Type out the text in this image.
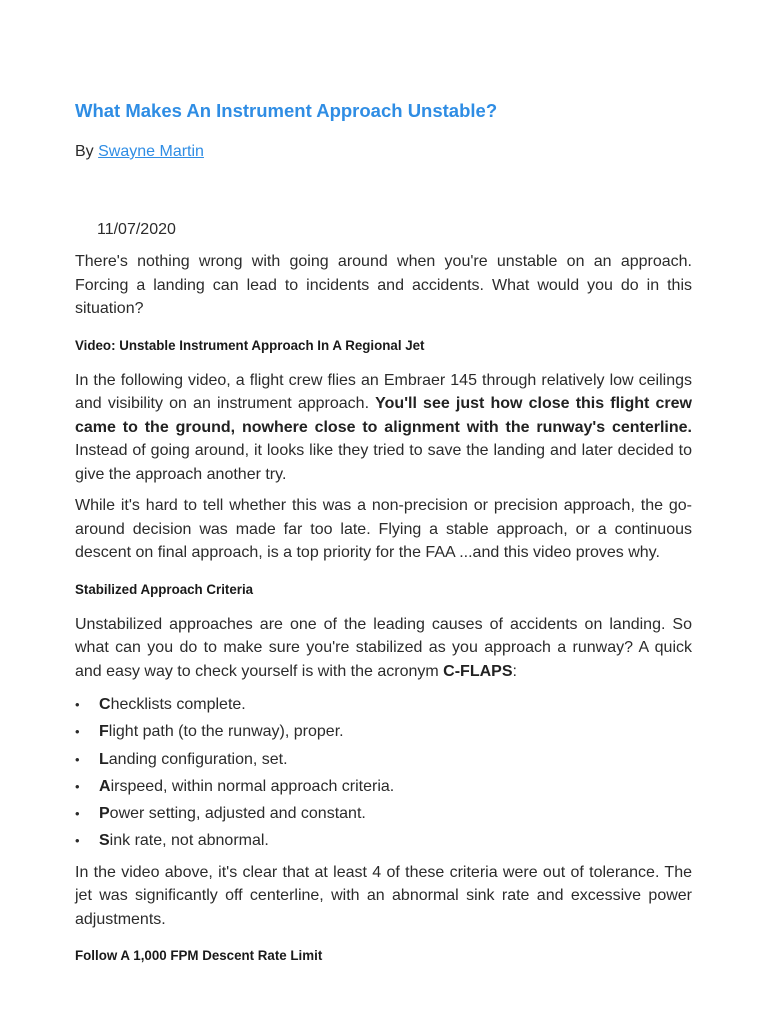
What Makes An Instrument Approach Unstable?
By Swayne Martin
11/07/2020

There's nothing wrong with going around when you're unstable on an approach. Forcing a landing can lead to incidents and accidents. What would you do in this situation?

Video: Unstable Instrument Approach In A Regional Jet

In the following video, a flight crew flies an Embraer 145 through relatively low ceilings and visibility on an instrument approach. You'll see just how close this flight crew came to the ground, nowhere close to alignment with the runway's centerline. Instead of going around, it looks like they tried to save the landing and later decided to give the approach another try.

While it's hard to tell whether this was a non-precision or precision approach, the go-around decision was made far too late. Flying a stable approach, or a continuous descent on final approach, is a top priority for the FAA ...and this video proves why.

Stabilized Approach Criteria

Unstabilized approaches are one of the leading causes of accidents on landing. So what can you do to make sure you're stabilized as you approach a runway? A quick and easy way to check yourself is with the acronym C-FLAPS:

• Checklists complete.
• Flight path (to the runway), proper.
• Landing configuration, set.
• Airspeed, within normal approach criteria.
• Power setting, adjusted and constant.
• Sink rate, not abnormal.

In the video above, it's clear that at least 4 of these criteria were out of tolerance. The jet was significantly off centerline, with an abnormal sink rate and excessive power adjustments.

Follow A 1,000 FPM Descent Rate Limit
